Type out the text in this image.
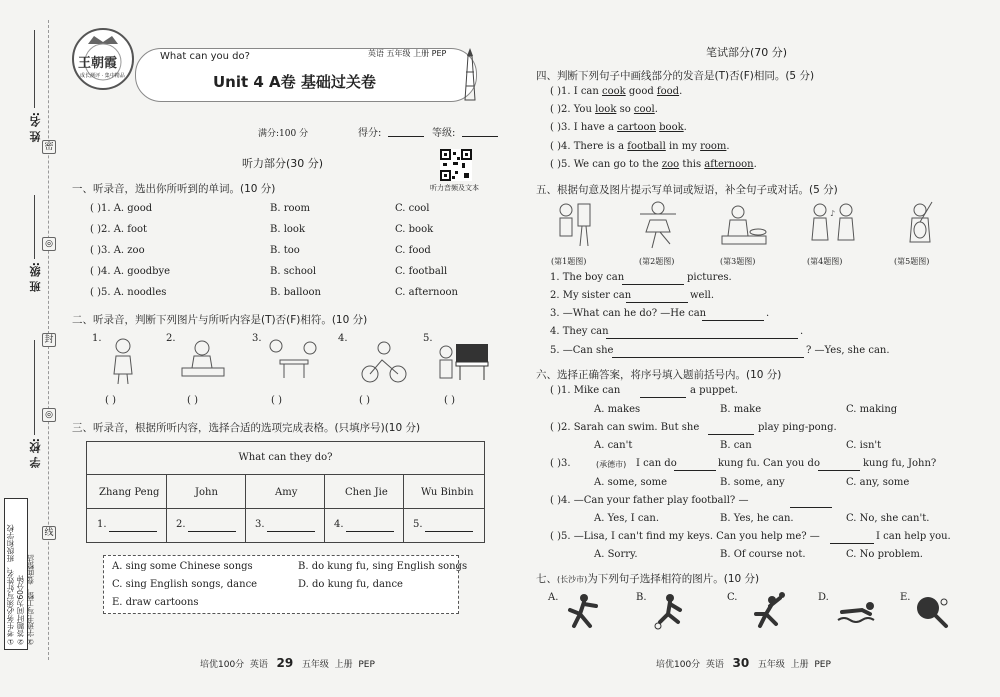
姓 名:
班 级:
学 校:
密
◎
封
◎
线
①考生务必须写好姓名、班级和学校
②答题时间为60分钟
③字迹书写工整，卷面整洁
王朝霞
成长测评 · 集中精品
What can you do?	英语 五年级 上册 PEP
Unit 4 A卷 基础过关卷
满分:100 分	得分:	等级:
听力音频及文本
听力部分(30 分)
一、听录音，选出你所听到的单词。(10 分)
( )1. A. good	B. room	C. cool
( )2. A. foot	B. look	C. book
( )3. A. zoo	B. too	C. food
( )4. A. goodbye	B. school	C. football
( )5. A. noodles	B. balloon	C. afternoon
二、听录音，判断下列图片与所听内容是(T)否(F)相符。(10 分)
1.	2.	3.	4.	5.
( )	( )	( )	( )	( )
三、听录音，根据所听内容，选择合适的选项完成表格。(只填序号)(10 分)
What can they do?
Zhang Peng	John	Amy	Chen Jie	Wu Binbin
1.	2.	3.	4.	5.
A. sing some Chinese songs	B. do kung fu, sing English songs
C. sing English songs, dance	D. do kung fu, dance
E. draw cartoons
笔试部分(70 分)
四、判断下列句子中画线部分的发音是(T)否(F)相同。(5 分)
( )1. I can cook good food.
( )2. You look so cool.
( )3. I have a cartoon book.
( )4. There is a football in my room.
( )5. We can go to the zoo this afternoon.
五、根据句意及图片提示写单词或短语，补全句子或对话。(5 分)
♪
(第1题图)	(第2题图)	(第3题图)	(第4题图)	(第5题图)
1. The boy can	pictures.
2. My sister can	well.
3. —What can he do? —He can	.
4. They can	.
5. —Can she	? —Yes, she can.
六、选择正确答案，将序号填入题前括号内。(10 分)
( )1. Mike can	a puppet.
A. makes	B. make	C. making
( )2. Sarah can swim. But she	play ping-pong.
A. can't	B. can	C. isn't
( )3.	(承德市) I can do	kung fu. Can you do	kung fu, John?
A. some, some	B. some, any	C. any, some
( )4. —Can your father play football? —
A. Yes, I can.	B. Yes, he can.	C. No, she can't.
( )5. —Lisa, I can't find my keys. Can you help me? —	I can help you.
A. Sorry.	B. Of course not.	C. No problem.
七、(长沙市)为下列句子选择相符的图片。(10 分)
A.	B.	C.	D.	E.
培优100分 英语 29 五年级 上册 PEP	培优100分 英语 30 五年级 上册 PEP
